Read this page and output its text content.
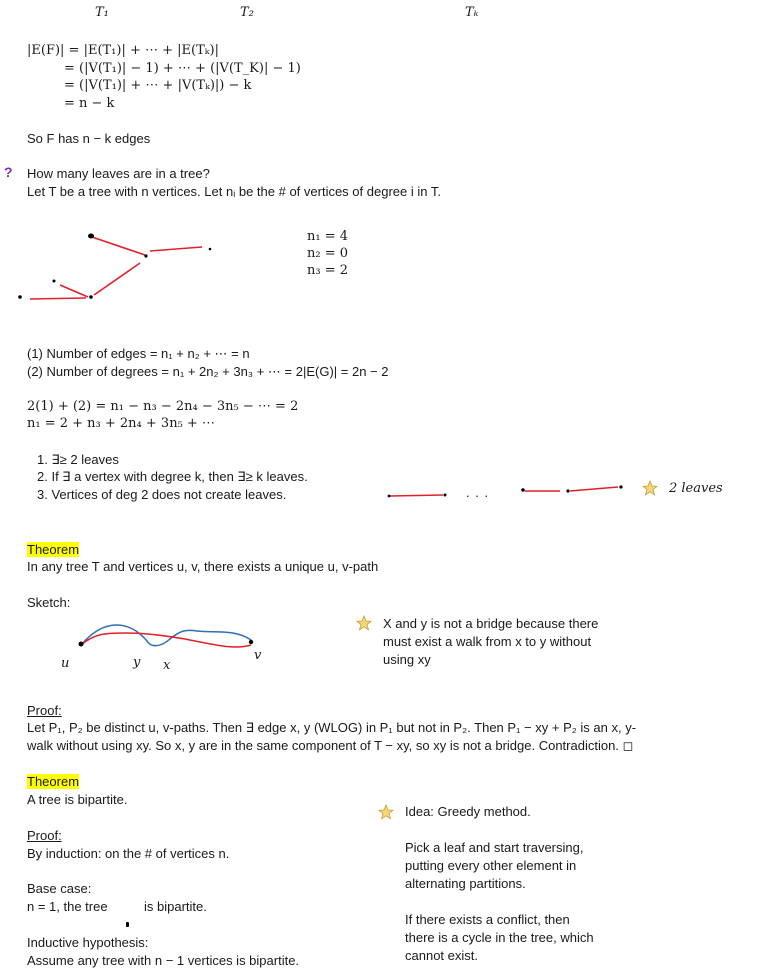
T₁	T₂	Tₖ
|E(F)| = |E(T₁)| + ⋯ + |E(Tₖ)|
= (|V(T₁)| − 1) + ⋯ + (|V(T_K)| − 1)
= (|V(T₁)| + ⋯ + |V(Tₖ)|) − k
= n − k
So F has n − k edges
? How many leaves are in a tree?
Let T be a tree with n vertices. Let nᵢ be the # of vertices of degree i in T.
n₁ = 4
n₂ = 0
n₃ = 2
(1) Number of edges = n₁ + n₂ + ⋯ = n
(2) Number of degrees = n₁ + 2n₂ + 3n₃ + ⋯ = 2|E(G)| = 2n − 2
2(1) + (2) = n₁ − n₃ − 2n₄ − 3n₅ − ⋯ = 2
n₁ = 2 + n₃ + 2n₄ + 3n₅ + ⋯
1. ∃≥ 2 leaves
2. If ∃ a vertex with degree k, then ∃≥ k leaves.
3. Vertices of deg 2 does not create leaves.	. . .	2 leaves
Theorem
In any tree T and vertices u, v, there exists a unique u, v-path
Sketch:
u	y x
v
X and y is not a bridge because there
must exist a walk from x to y without
using xy
Proof:
Let P₁, P₂ be distinct u, v-paths. Then ∃ edge x, y (WLOG) in P₁ but not in P₂. Then P₁ − xy + P₂ is an x, y-
walk without using xy. So x, y are in the same component of T − xy, so xy is not a bridge. Contradiction. ◻
Theorem
A tree is bipartite.
Proof:
By induction: on the # of vertices n.
Base case:
n = 1, the tree	is bipartite.
Inductive hypothesis:
Assume any tree with n − 1 vertices is bipartite.
Idea: Greedy method.
Pick a leaf and start traversing,
putting every other element in
alternating partitions.
If there exists a conflict, then
there is a cycle in the tree, which
cannot exist.
